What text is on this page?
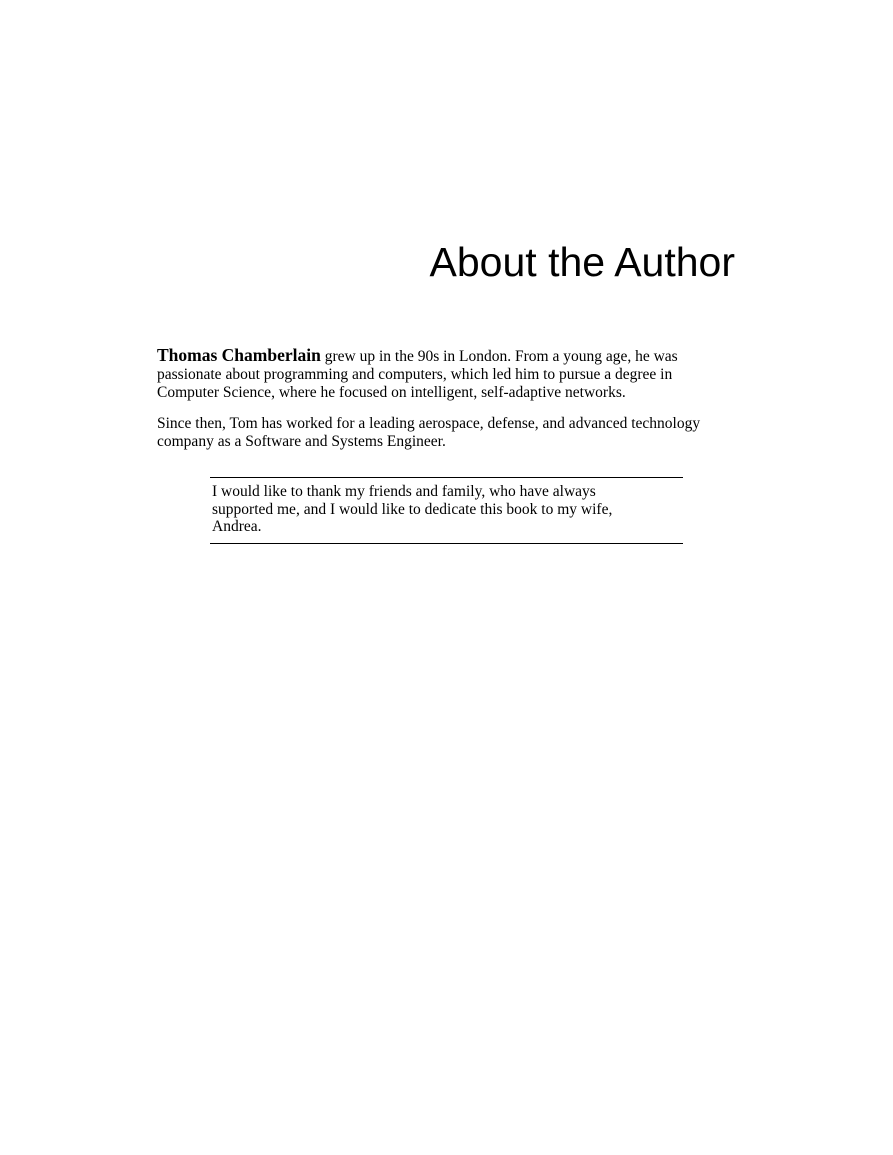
About the Author

Thomas Chamberlain grew up in the 90s in London. From a young age, he was passionate about programming and computers, which led him to pursue a degree in Computer Science, where he focused on intelligent, self-adaptive networks.

Since then, Tom has worked for a leading aerospace, defense, and advanced technology company as a Software and Systems Engineer.

I would like to thank my friends and family, who have always supported me, and I would like to dedicate this book to my wife, Andrea.
